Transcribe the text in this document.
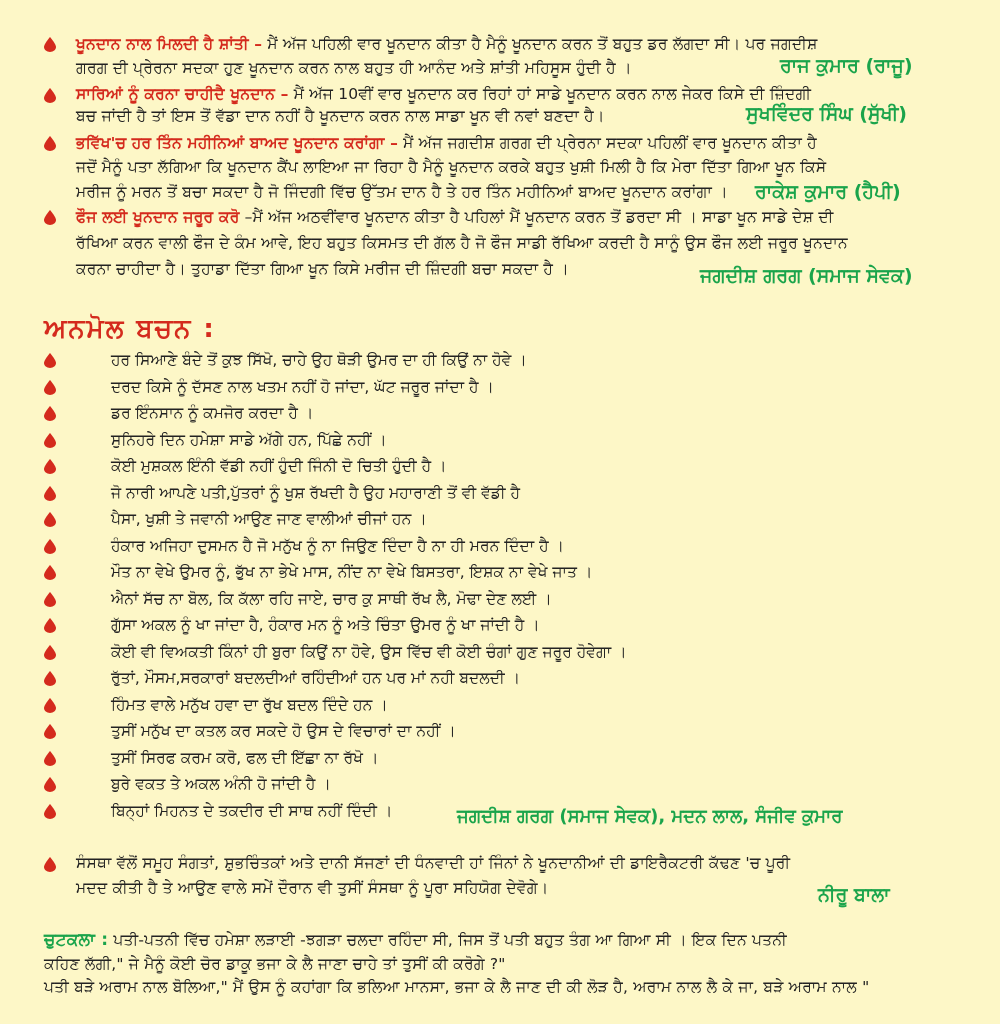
ਖੂਨਦਾਨ ਨਾਲ ਮਿਲਦੀ ਹੈ ਸ਼ਾਂਤੀ – ਮੈਂ ਅੱਜ ਪਹਿਲੀ ਵਾਰ ਖੂਨਦਾਨ ਕੀਤਾ ਹੈ ਮੈਨੂੰ ਖੂਨਦਾਨ ਕਰਨ ਤੋਂ ਬਹੁਤ ਡਰ ਲੱਗਦਾ ਸੀ। ਪਰ ਜਗਦੀਸ਼
ਗਰਗ ਦੀ ਪ੍ਰੇਰਨਾ ਸਦਕਾ ਹੁਣ ਖੂਨਦਾਨ ਕਰਨ ਨਾਲ ਬਹੁਤ ਹੀ ਆਨੰਦ ਅਤੇ ਸ਼ਾਂਤੀ ਮਹਿਸੂਸ ਹੁੰਦੀ ਹੈ ।	ਰਾਜ ਕੁਮਾਰ (ਰਾਜੂ)
ਸਾਰਿਆਂ ਨੂੰ ਕਰਨਾ ਚਾਹੀਦੈ ਖੂਨਦਾਨ – ਮੈਂ ਅੱਜ 10ਵੀਂ ਵਾਰ ਖੂਨਦਾਨ ਕਰ ਰਿਹਾਂ ਹਾਂ ਸਾਡੇ ਖੂਨਦਾਨ ਕਰਨ ਨਾਲ ਜੇਕਰ ਕਿਸੇ ਦੀ ਜ਼ਿੰਦਗੀ
ਬਚ ਜਾਂਦੀ ਹੈ ਤਾਂ ਇਸ ਤੋਂ ਵੱਡਾ ਦਾਨ ਨਹੀਂ ਹੈ ਖੂਨਦਾਨ ਕਰਨ ਨਾਲ ਸਾਡਾ ਖੂਨ ਵੀ ਨਵਾਂ ਬਣਦਾ ਹੈ।	ਸੁਖਵਿੰਦਰ ਸਿੰਘ (ਸੁੱਖੀ)
ਭਵਿੱਖ'ਚ ਹਰ ਤਿੰਨ ਮਹੀਨਿਆਂ ਬਾਅਦ ਖੂਨਦਾਨ ਕਰਾਂਗਾ – ਮੈਂ ਅੱਜ ਜਗਦੀਸ਼ ਗਰਗ ਦੀ ਪ੍ਰੇਰਨਾ ਸਦਕਾ ਪਹਿਲੀਂ ਵਾਰ ਖੂਨਦਾਨ ਕੀਤਾ ਹੈ
ਜਦੋਂ ਮੈਨੂੰ ਪਤਾ ਲੱਗਿਆ ਕਿ ਖੂਨਦਾਨ ਕੈਂਪ ਲਾਇਆ ਜਾ ਰਿਹਾ ਹੈ ਮੈਨੂੰ ਖੂਨਦਾਨ ਕਰਕੇ ਬਹੁਤ ਖੁਸ਼ੀ ਮਿਲੀ ਹੈ ਕਿ ਮੇਰਾ ਦਿੱਤਾ ਗਿਆ ਖੂਨ ਕਿਸੇ
ਮਰੀਜ ਨੂੰ ਮਰਨ ਤੋਂ ਬਚਾ ਸਕਦਾ ਹੈ ਜੋ ਜਿੰਦਗੀ ਵਿੱਚ ਉੱਤਮ ਦਾਨ ਹੈ ਤੇ ਹਰ ਤਿੰਨ ਮਹੀਨਿਆਂ ਬਾਅਦ ਖੂਨਦਾਨ ਕਰਾਂਗਾ । ਰਾਕੇਸ਼ ਕੁਮਾਰ (ਹੈਪੀ)
ਫੌਜ ਲਈ ਖੂਨਦਾਨ ਜਰੂਰ ਕਰੋ –ਮੈਂ ਅੱਜ ਅਠਵੀਂਵਾਰ ਖੂਨਦਾਨ ਕੀਤਾ ਹੈ ਪਹਿਲਾਂ ਮੈਂ ਖੂਨਦਾਨ ਕਰਨ ਤੋਂ ਡਰਦਾ ਸੀ । ਸਾਡਾ ਖੂਨ ਸਾਡੇ ਦੇਸ਼ ਦੀ
ਰੱਖਿਆ ਕਰਨ ਵਾਲੀ ਫੌਜ ਦੇ ਕੰਮ ਆਵੇ, ਇਹ ਬਹੁਤ ਕਿਸਮਤ ਦੀ ਗੱਲ ਹੈ ਜੋ ਫੌਜ ਸਾਡੀ ਰੱਖਿਆ ਕਰਦੀ ਹੈ ਸਾਨੂੰ ਉਸ ਫੌਜ ਲਈ ਜਰੂਰ ਖੂਨਦਾਨ
ਕਰਨਾ ਚਾਹੀਦਾ ਹੈ। ਤੁਹਾਡਾ ਦਿੱਤਾ ਗਿਆ ਖੂਨ ਕਿਸੇ ਮਰੀਜ ਦੀ ਜ਼ਿੰਦਗੀ ਬਚਾ ਸਕਦਾ ਹੈ ।	ਜਗਦੀਸ਼ ਗਰਗ (ਸਮਾਜ ਸੇਵਕ)
ਅਨਮੋਲ ਬਚਨ :
ਹਰ ਸਿਆਣੇ ਬੰਦੇ ਤੋਂ ਕੁਝ ਸਿੱਖੋ, ਚਾਹੇ ਉਹ ਥੋੜੀ ਉਮਰ ਦਾ ਹੀ ਕਿਉਂ ਨਾ ਹੋਵੇ ।
ਦਰਦ ਕਿਸੇ ਨੂੰ ਦੱਸਣ ਨਾਲ ਖਤਮ ਨਹੀਂ ਹੋ ਜਾਂਦਾ, ਘੱਟ ਜਰੂਰ ਜਾਂਦਾ ਹੈ ।
ਡਰ ਇੰਨਸਾਨ ਨੂੰ ਕਮਜੋਰ ਕਰਦਾ ਹੈ ।
ਸੁਨਿਹਰੇ ਦਿਨ ਹਮੇਸ਼ਾ ਸਾਡੇ ਅੱਗੇ ਹਨ, ਪਿੱਛੇ ਨਹੀਂ ।
ਕੋਈ ਮੁਸ਼ਕਲ ਇੰਨੀ ਵੱਡੀ ਨਹੀਂ ਹੁੰਦੀ ਜਿੰਨੀ ਦੋ ਚਿਤੀ ਹੁੰਦੀ ਹੈ ।
ਜੋ ਨਾਰੀ ਆਪਣੇ ਪਤੀ,ਪੁੱਤਰਾਂ ਨੂੰ ਖੁਸ਼ ਰੱਖਦੀ ਹੈ ਉਹ ਮਹਾਰਾਣੀ ਤੋਂ ਵੀ ਵੱਡੀ ਹੈ
ਪੈਸਾ, ਖੁਸ਼ੀ ਤੇ ਜਵਾਨੀ ਆਉਣ ਜਾਣ ਵਾਲੀਆਂ ਚੀਜਾਂ ਹਨ ।
ਹੰਕਾਰ ਅਜਿਹਾ ਦੁਸਮਨ ਹੈ ਜੋ ਮਨੁੱਖ ਨੂੰ ਨਾ ਜਿਉਣ ਦਿੰਦਾ ਹੈ ਨਾ ਹੀ ਮਰਨ ਦਿੰਦਾ ਹੈ ।
ਮੌਤ ਨਾ ਵੇਖੇ ਉਮਰ ਨੂੰ, ਭੁੱਖ ਨਾ ਭੇਖੇ ਮਾਸ, ਨੀਂਦ ਨਾ ਵੇਖੇ ਬਿਸਤਰਾ, ਇਸ਼ਕ ਨਾ ਵੇਖੇ ਜਾਤ ।
ਐਨਾਂ ਸੱਚ ਨਾ ਬੋਲ, ਕਿ ਕੱਲਾ ਰਹਿ ਜਾਏ, ਚਾਰ ਕੁ ਸਾਥੀ ਰੱਖ ਲੈ, ਮੋਢਾ ਦੇਣ ਲਈ ।
ਗੁੱਸਾ ਅਕਲ ਨੂੰ ਖਾ ਜਾਂਦਾ ਹੈ, ਹੰਕਾਰ ਮਨ ਨੂੰ ਅਤੇ ਚਿੰਤਾ ਉਮਰ ਨੂੰ ਖਾ ਜਾਂਦੀ ਹੈ ।
ਕੋਈ ਵੀ ਵਿਅਕਤੀ ਕਿੰਨਾਂ ਹੀ ਬੁਰਾ ਕਿਉਂ ਨਾ ਹੋਵੇ, ਉਸ ਵਿੱਚ ਵੀ ਕੋਈ ਚੰਗਾਂ ਗੁਣ ਜਰੂਰ ਹੋਵੇਗਾ ।
ਰੁੱਤਾਂ, ਮੌਸਮ,ਸਰਕਾਰਾਂ ਬਦਲਦੀਆਂ ਰਹਿੰਦੀਆਂ ਹਨ ਪਰ ਮਾਂ ਨਹੀ ਬਦਲਦੀ ।
ਹਿੰਮਤ ਵਾਲੇ ਮਨੁੱਖ ਹਵਾ ਦਾ ਰੁੱਖ ਬਦਲ ਦਿੰਦੇ ਹਨ ।
ਤੁਸੀਂ ਮਨੁੱਖ ਦਾ ਕਤਲ ਕਰ ਸਕਦੇ ਹੋ ਉਸ ਦੇ ਵਿਚਾਰਾਂ ਦਾ ਨਹੀਂ ।
ਤੁਸੀਂ ਸਿਰਫ ਕਰਮ ਕਰੋ, ਫਲ ਦੀ ਇੱਛਾ ਨਾ ਰੱਖੋ ।
ਬੁਰੇ ਵਕਤ ਤੇ ਅਕਲ ਅੰਨੀ ਹੋ ਜਾਂਦੀ ਹੈ ।
ਬਿਨ੍ਹਾਂ ਮਿਹਨਤ ਦੇ ਤਕਦੀਰ ਦੀ ਸਾਥ ਨਹੀਂ ਦਿੰਦੀ ।	ਜਗਦੀਸ਼ ਗਰਗ (ਸਮਾਜ ਸੇਵਕ), ਮਦਨ ਲਾਲ, ਸੰਜੀਵ ਕੁਮਾਰ
ਸੰਸਥਾ ਵੱਲੋਂ ਸਮੂਹ ਸੰਗਤਾਂ, ਸ਼ੁਭਚਿੰਤਕਾਂ ਅਤੇ ਦਾਨੀ ਸੱਜਣਾਂ ਦੀ ਧੰਨਵਾਦੀ ਹਾਂ ਜਿੰਨਾਂ ਨੇ ਖੂਨਦਾਨੀਆਂ ਦੀ ਡਾਇਰੈਕਟਰੀ ਕੱਢਣ 'ਚ ਪੂਰੀ
ਮਦਦ ਕੀਤੀ ਹੈ ਤੇ ਆਉਣ ਵਾਲੇ ਸਮੇਂ ਦੌਰਾਨ ਵੀ ਤੁਸੀਂ ਸੰਸਥਾ ਨੂੰ ਪੂਰਾ ਸਹਿਯੋਗ ਦੇਵੋਗੇ।	ਨੀਰੂ ਬਾਲਾ
ਚੁਟਕਲਾ : ਪਤੀ-ਪਤਨੀ ਵਿੱਚ ਹਮੇਸ਼ਾ ਲੜਾਈ -ਝਗੜਾ ਚਲਦਾ ਰਹਿੰਦਾ ਸੀ, ਜਿਸ ਤੋਂ ਪਤੀ ਬਹੁਤ ਤੰਗ ਆ ਗਿਆ ਸੀ । ਇਕ ਦਿਨ ਪਤਨੀ
ਕਹਿਣ ਲੱਗੀ," ਜੇ ਮੈਨੂੰ ਕੋਈ ਚੋਰ ਡਾਕੂ ਭਜਾ ਕੇ ਲੈ ਜਾਣਾ ਚਾਹੇ ਤਾਂ ਤੁਸੀਂ ਕੀ ਕਰੋਗੇ ?"
ਪਤੀ ਬੜੇ ਅਰਾਮ ਨਾਲ ਬੋਲਿਆ," ਮੈਂ ਉਸ ਨੂੰ ਕਹਾਂਗਾ ਕਿ ਭਲਿਆ ਮਾਨਸਾ, ਭਜਾ ਕੇ ਲੈ ਜਾਣ ਦੀ ਕੀ ਲੋੜ ਹੈ, ਅਰਾਮ ਨਾਲ ਲੈ ਕੇ ਜਾ, ਬੜੇ ਅਰਾਮ ਨਾਲ "
